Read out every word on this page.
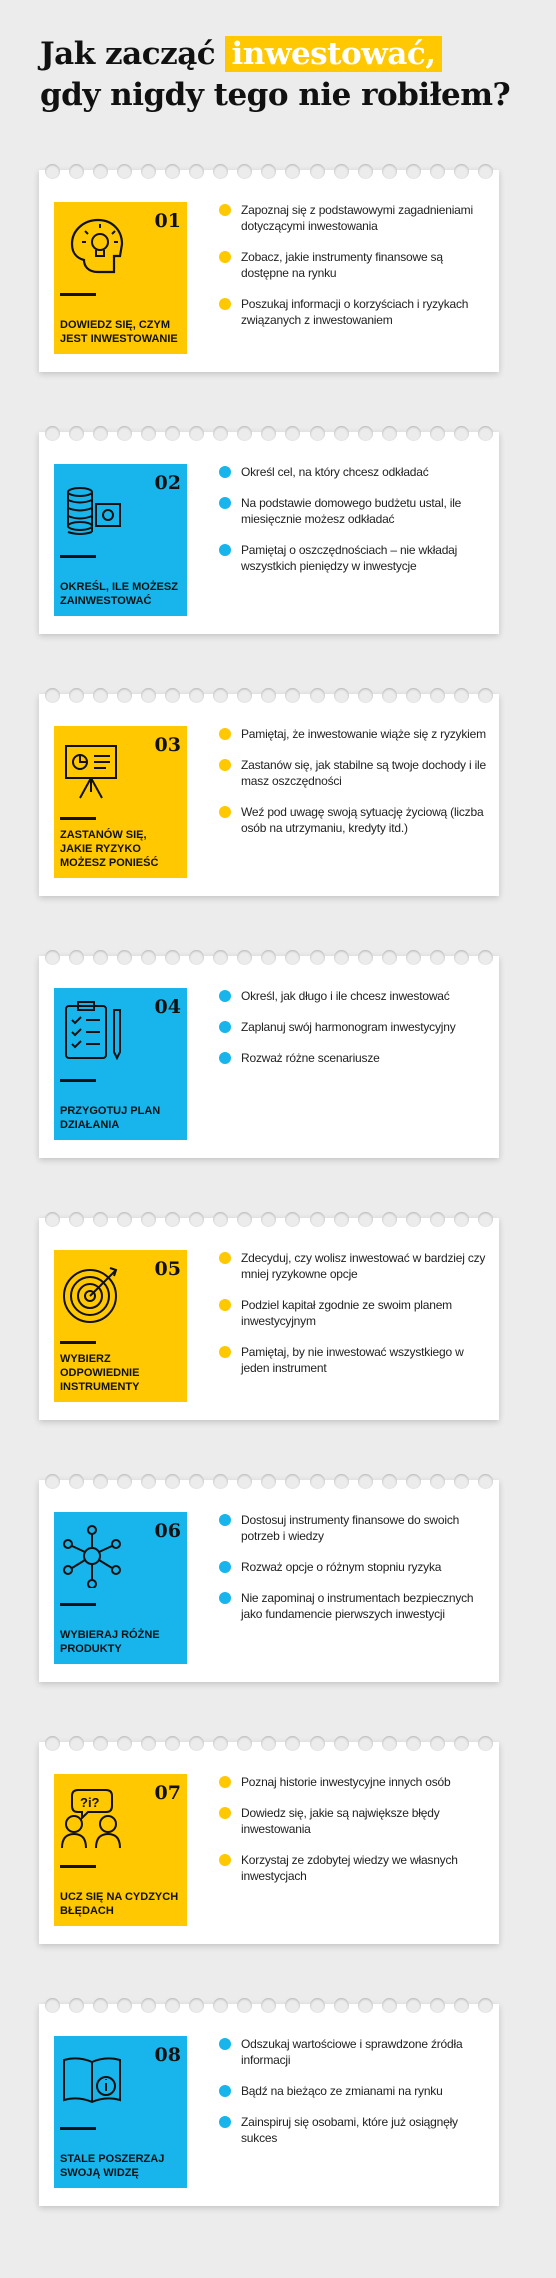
Jak zacząć inwestować,
gdy nigdy tego nie robiłem?
01
DOWIEDZ SIĘ, CZYM JEST INWESTOWANIE
Zapoznaj się z podstawowymi zagadnieniami dotyczącymi inwestowania
Zobacz, jakie instrumenty finansowe są dostępne na rynku
Poszukaj informacji o korzyściach i ryzykach związanych z inwestowaniem
02
OKREŚL, ILE MOŻESZ ZAINWESTOWAĆ
Określ cel, na który chcesz odkładać
Na podstawie domowego budżetu ustal, ile miesięcznie możesz odkładać
Pamiętaj o oszczędnościach – nie wkładaj wszystkich pieniędzy w inwestycje
03
ZASTANÓW SIĘ, JAKIE RYZYKO MOŻESZ PONIEŚĆ
Pamiętaj, że inwestowanie wiąże się z ryzykiem
Zastanów się, jak stabilne są twoje dochody i ile masz oszczędności
Weź pod uwagę swoją sytuację życiową (liczba osób na utrzymaniu, kredyty itd.)
04
PRZYGOTUJ PLAN DZIAŁANIA
Określ, jak długo i ile chcesz inwestować
Zaplanuj swój harmonogram inwestycyjny
Rozważ różne scenariusze
05
WYBIERZ ODPOWIEDNIE INSTRUMENTY
Zdecyduj, czy wolisz inwestować w bardziej czy mniej ryzykowne opcje
Podziel kapitał zgodnie ze swoim planem inwestycyjnym
Pamiętaj, by nie inwestować wszystkiego w jeden instrument
06
WYBIERAJ RÓŻNE PRODUKTY
Dostosuj instrumenty finansowe do swoich potrzeb i wiedzy
Rozważ opcje o różnym stopniu ryzyka
Nie zapominaj o instrumentach bezpiecznych jako fundamencie pierwszych inwestycji
07
?i?
UCZ SIĘ NA CYDZYCH BŁĘDACH
Poznaj historie inwestycyjne innych osób
Dowiedz się, jakie są największe błędy inwestowania
Korzystaj ze zdobytej wiedzy we własnych inwestycjach
08
STALE POSZERZAJ SWOJĄ WIDZĘ
Odszukaj wartościowe i sprawdzone źródła informacji
Bądź na bieżąco ze zmianami na rynku
Zainspiruj się osobami, które już osiągnęły sukces
